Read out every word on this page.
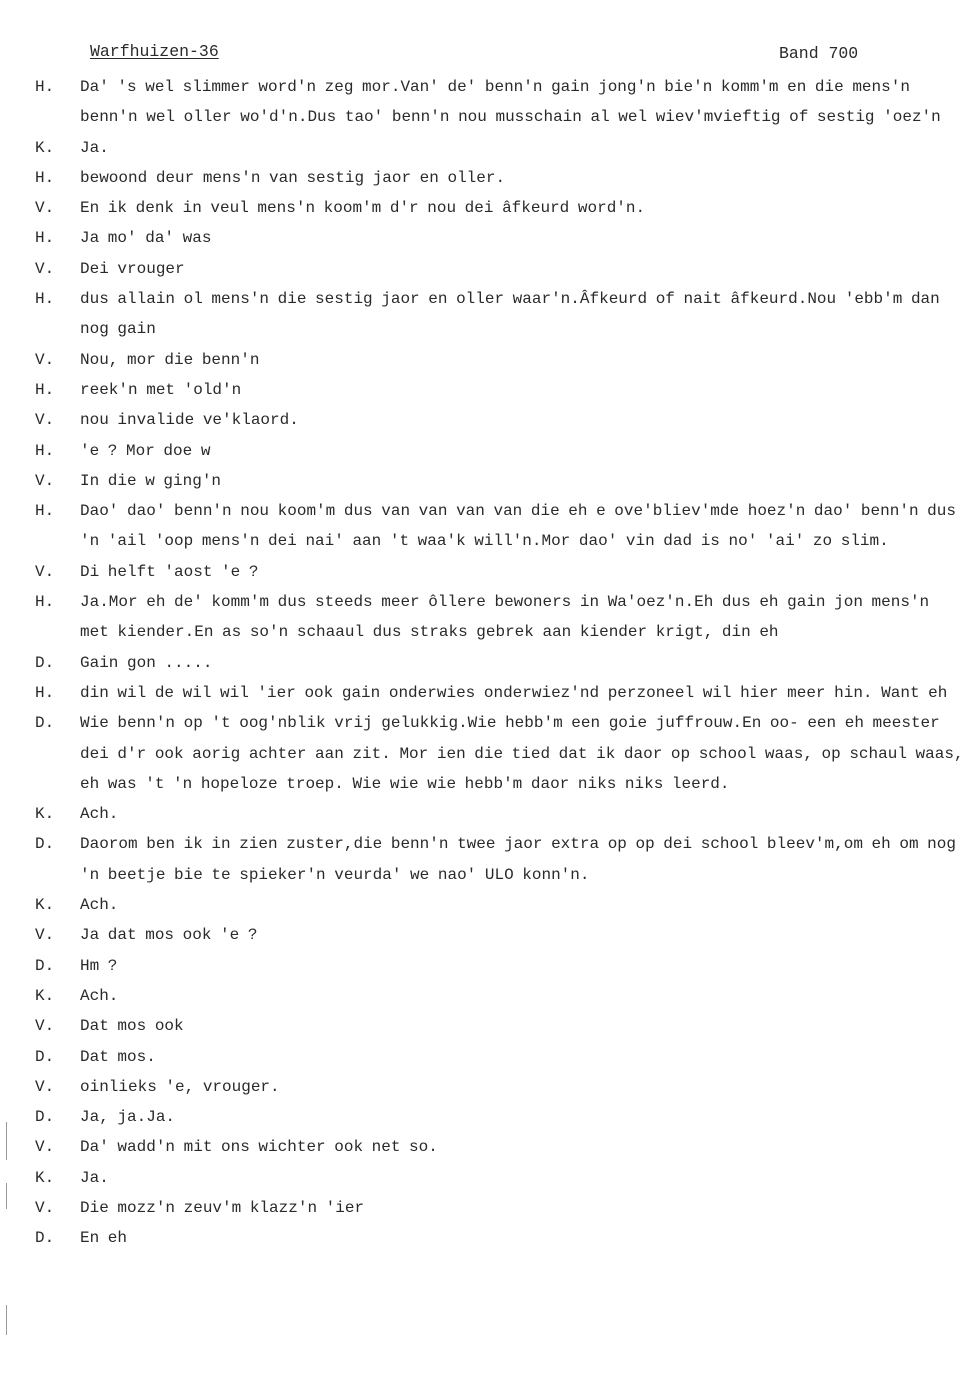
Warfhuizen-36	Band 700
H.	Da' 's wel slimmer word'n zeg mor.Van' de' benn'n gain jong'n bie'n komm'm en die mens'n benn'n wel oller wo'd'n.Dus tao' benn'n nou musschain al wel wiev'mvieftig of sestig 'oez'n
K.	Ja.
H.	bewoond deur mens'n van sestig jaor en oller.
V.	En ik denk in veul mens'n koom'm d'r nou dei âfkeurd word'n.
H.	Ja mo' da' was
V.	Dei vrouger
H.	dus allain ol mens'n die sestig jaor en oller waar'n.Âfkeurd of nait âfkeurd.Nou 'ebb'm dan nog gain
V.	Nou, mor die benn'n
H.	reek'n met 'old'n
V.	nou invalide ve'klaord.
H.	'e ? Mor doe w
V.	In die w ging'n
H.	Dao' dao' benn'n nou koom'm dus van van van van die eh e ove'bliev'mde hoez'n dao' benn'n dus 'n 'ail 'oop mens'n dei nai' aan 't waa'k will'n.Mor dao' vin dad is no' 'ai' zo slim.
V.	Di helft 'aost 'e ?
H.	Ja.Mor eh de' komm'm dus steeds meer ôllere bewoners in Wa'oez'n.Eh dus eh gain jon mens'n met kiender.En as so'n schaaul dus straks gebrek aan kiender krigt, din eh
D.	Gain gon .....
H.	din wil de wil wil 'ier ook gain onderwies onderwiez'nd perzoneel wil hier meer hin. Want eh
D.	Wie benn'n op 't oog'nblik vrij gelukkig.Wie hebb'm een goie juffrouw.En oo- een eh meester dei d'r ook aorig achter aan zit. Mor ien die tied dat ik daor op school waas, op schaul waas, eh was 't 'n hopeloze troep. Wie wie wie hebb'm daor niks niks leerd.
K.	Ach.
D.	Daorom ben ik in zien zuster,die benn'n twee jaor extra op op dei school bleev'm,om eh om nog 'n beetje bie te spieker'n veurda' we nao' ULO konn'n.
K.	Ach.
V.	Ja dat mos ook 'e ?
D.	Hm ?
K.	Ach.
V.	Dat mos ook
D.	Dat mos.
V.	oinlieks 'e, vrouger.
D.	Ja, ja.Ja.
V.	Da' wadd'n mit ons wichter ook net so.
K.	Ja.
V.	Die mozz'n zeuv'm klazz'n 'ier
D.	En eh
